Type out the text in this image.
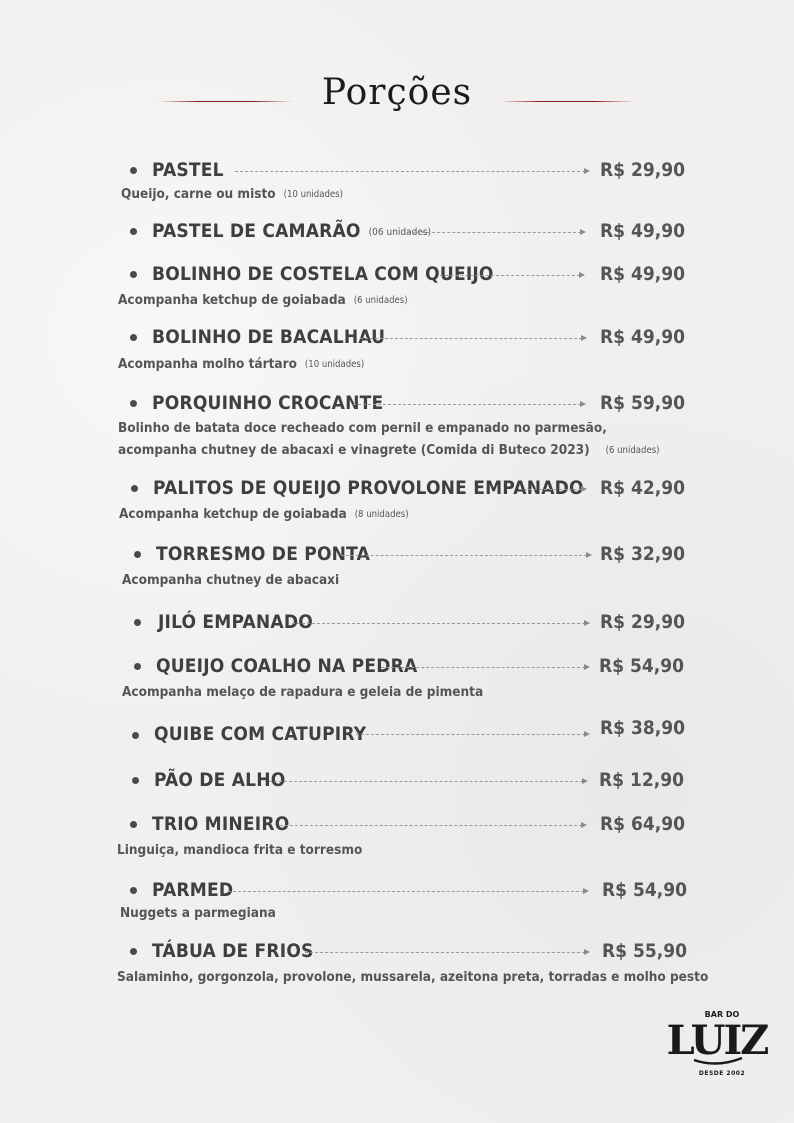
Porções
PASTEL	R$ 29,90
Queijo, carne ou misto (10 unidades)
PASTEL DE CAMARÃO (06 unidades)	R$ 49,90
BOLINHO DE COSTELA COM QUEIJO	R$ 49,90
Acompanha ketchup de goiabada (6 unidades)
BOLINHO DE BACALHAU	R$ 49,90
Acompanha molho tártaro (10 unidades)
PORQUINHO CROCANTE	R$ 59,90
Bolinho de batata doce recheado com pernil e empanado no parmesão,
acompanha chutney de abacaxi e vinagrete (Comida di Buteco 2023) (6 unidades)
PALITOS DE QUEIJO PROVOLONE EMPANADO R$ 42,90
Acompanha ketchup de goiabada (8 unidades)
TORRESMO DE PONTA	R$ 32,90
Acompanha chutney de abacaxi
JILÓ EMPANADO	R$ 29,90
QUEIJO COALHO NA PEDRA	R$ 54,90
Acompanha melaço de rapadura e geleia de pimenta
QUIBE COM CATUPIRY	R$ 38,90
PÃO DE ALHO	R$ 12,90
TRIO MINEIRO	R$ 64,90
Linguiça, mandioca frita e torresmo
PARMED	R$ 54,90
Nuggets a parmegiana
TÁBUA DE FRIOS	R$ 55,90
Salaminho, gorgonzola, provolone, mussarela, azeitona preta, torradas e molho pesto
BAR DO
LUIZ
DESDE 2002
